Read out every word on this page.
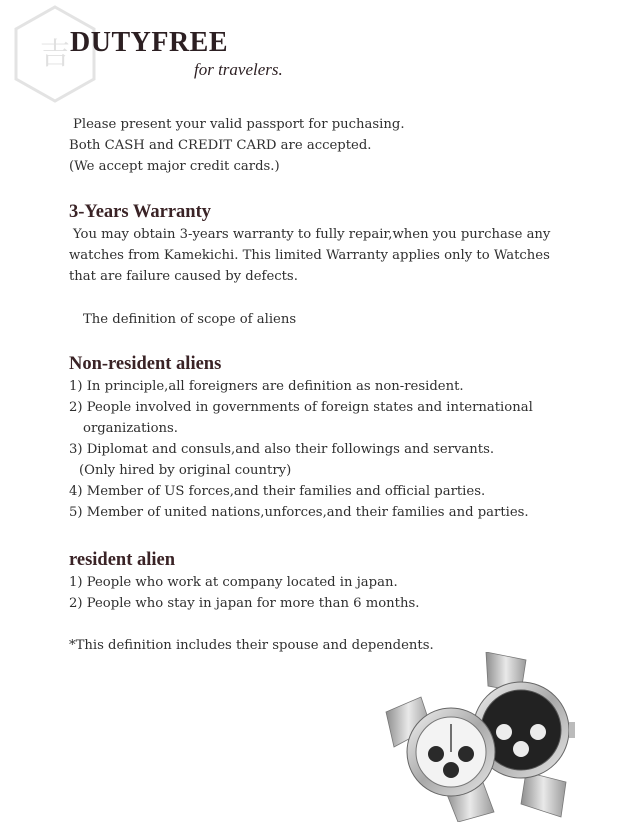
吉 DUTYFREE
for travelers.
Please present your valid passport for puchasing.
Both CASH and CREDIT CARD are accepted.
(We accept major credit cards.)
3-Years Warranty
You may obtain 3-years warranty to fully repair,when you purchase any
watches from Kamekichi. This limited Warranty applies only to Watches
that are failure caused by defects.
The definition of scope of aliens
Non-resident aliens
1) In principle,all foreigners are definition as non-resident.
2) People involved in governments of foreign states and international
organizations.
3) Diplomat and consuls,and also their followings and servants.
(Only hired by original country)
4) Member of US forces,and their families and official parties.
5) Member of united nations,unforces,and their families and parties.
resident alien
1) People who work at company located in japan.
2) People who stay in japan for more than 6 months.
*This definition includes their spouse and dependents.
